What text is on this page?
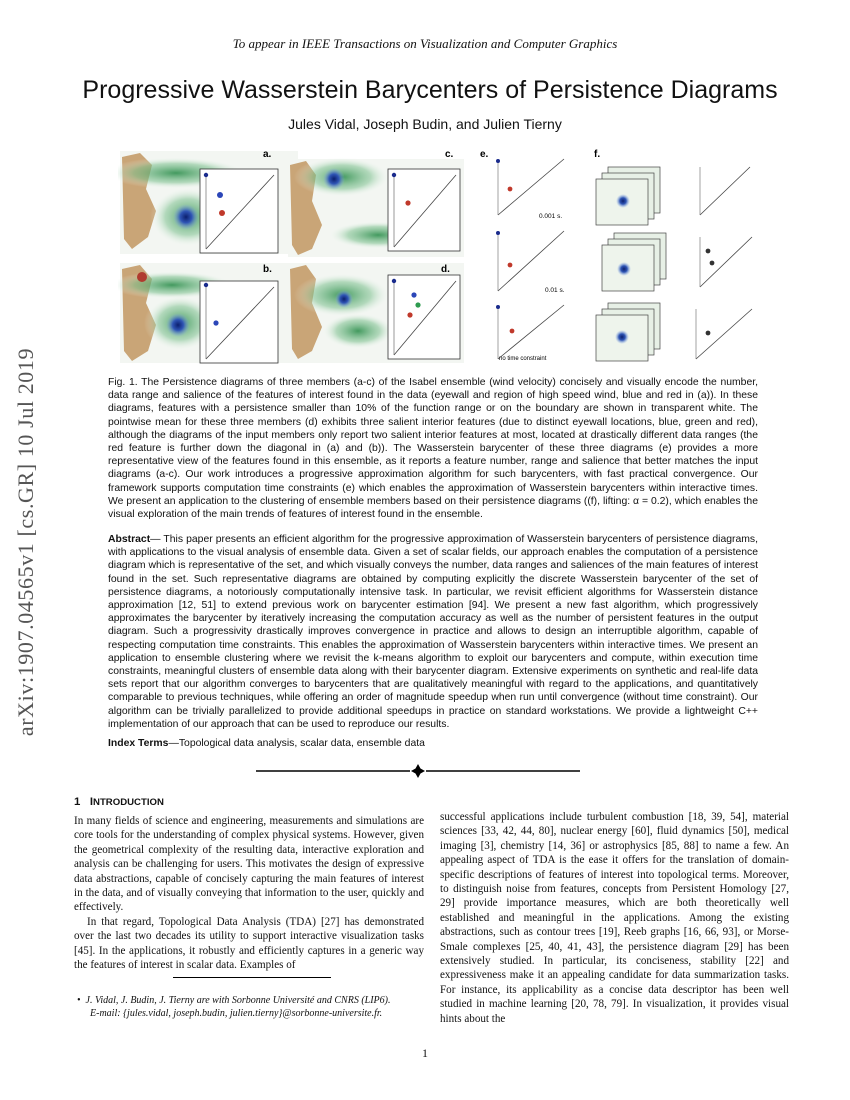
To appear in IEEE Transactions on Visualization and Computer Graphics
Progressive Wasserstein Barycenters of Persistence Diagrams
Jules Vidal, Joseph Budin, and Julien Tierny
arXiv:1907.04565v1 [cs.GR] 10 Jul 2019
a.
b.
c.
d.
e.
0.001 s.
0.01 s.
no time constraint
f.

Fig. 1. The Persistence diagrams of three members (a-c) of the Isabel ensemble (wind velocity) concisely and visually encode the number, data range and salience of the features of interest found in the data (eyewall and region of high speed wind, blue and red in (a)). In these diagrams, features with a persistence smaller than 10% of the function range or on the boundary are shown in transparent white. The pointwise mean for these three members (d) exhibits three salient interior features (due to distinct eyewall locations, blue, green and red), although the diagrams of the input members only report two salient interior features at most, located at drastically different data ranges (the red feature is further down the diagonal in (a) and (b)). The Wasserstein barycenter of these three diagrams (e) provides a more representative view of the features found in this ensemble, as it reports a feature number, range and salience that better matches the input diagrams (a-c). Our work introduces a progressive approximation algorithm for such barycenters, with fast practical convergence. Our framework supports computation time constraints (e) which enables the approximation of Wasserstein barycenters within interactive times. We present an application to the clustering of ensemble members based on their persistence diagrams ((f), lifting: α = 0.2), which enables the visual exploration of the main trends of features of interest found in the ensemble.

Abstract— This paper presents an efficient algorithm for the progressive approximation of Wasserstein barycenters of persistence diagrams, with applications to the visual analysis of ensemble data. Given a set of scalar fields, our approach enables the computation of a persistence diagram which is representative of the set, and which visually conveys the number, data ranges and saliences of the main features of interest found in the set. Such representative diagrams are obtained by computing explicitly the discrete Wasserstein barycenter of the set of persistence diagrams, a notoriously computationally intensive task. In particular, we revisit efficient algorithms for Wasserstein distance approximation [12, 51] to extend previous work on barycenter estimation [94]. We present a new fast algorithm, which progressively approximates the barycenter by iteratively increasing the computation accuracy as well as the number of persistent features in the output diagram. Such a progressivity drastically improves convergence in practice and allows to design an interruptible algorithm, capable of respecting computation time constraints. This enables the approximation of Wasserstein barycenters within interactive times. We present an application to ensemble clustering where we revisit the k-means algorithm to exploit our barycenters and compute, within execution time constraints, meaningful clusters of ensemble data along with their barycenter diagram. Extensive experiments on synthetic and real-life data sets report that our algorithm converges to barycenters that are qualitatively meaningful with regard to the applications, and quantitatively comparable to previous techniques, while offering an order of magnitude speedup when run until convergence (without time constraint). Our algorithm can be trivially parallelized to provide additional speedups in practice on standard workstations. We provide a lightweight C++ implementation of our approach that can be used to reproduce our results.

Index Terms—Topological data analysis, scalar data, ensemble data

1 INTRODUCTION

In many fields of science and engineering, measurements and simulations are core tools for the understanding of complex physical systems. However, given the geometrical complexity of the resulting data, interactive exploration and analysis can be challenging for users. This motivates the design of expressive data abstractions, capable of concisely capturing the main features of interest in the data, and of visually conveying that information to the user, quickly and effectively.

In that regard, Topological Data Analysis (TDA) [27] has demonstrated over the last two decades its utility to support interactive visualization tasks [45]. In the applications, it robustly and efficiently captures in a generic way the features of interest in scalar data. Examples of

successful applications include turbulent combustion [18, 39, 54], material sciences [33, 42, 44, 80], nuclear energy [60], fluid dynamics [50], medical imaging [3], chemistry [14, 36] or astrophysics [85, 88] to name a few. An appealing aspect of TDA is the ease it offers for the translation of domain-specific descriptions of features of interest into topological terms. Moreover, to distinguish noise from features, concepts from Persistent Homology [27, 29] provide importance measures, which are both theoretically well established and meaningful in the applications. Among the existing abstractions, such as contour trees [19], Reeb graphs [16, 66, 93], or Morse-Smale complexes [25, 40, 41, 43], the persistence diagram [29] has been extensively studied. In particular, its conciseness, stability [22] and expressiveness make it an appealing candidate for data summarization tasks. For instance, its applicability as a concise data descriptor has been well studied in machine learning [20, 78, 79]. In visualization, it provides visual hints about the

•  J. Vidal, J. Budin, J. Tierny are with Sorbonne Université and CNRS (LIP6).
E-mail: {jules.vidal, joseph.budin, julien.tierny}@sorbonne-universite.fr.
1
